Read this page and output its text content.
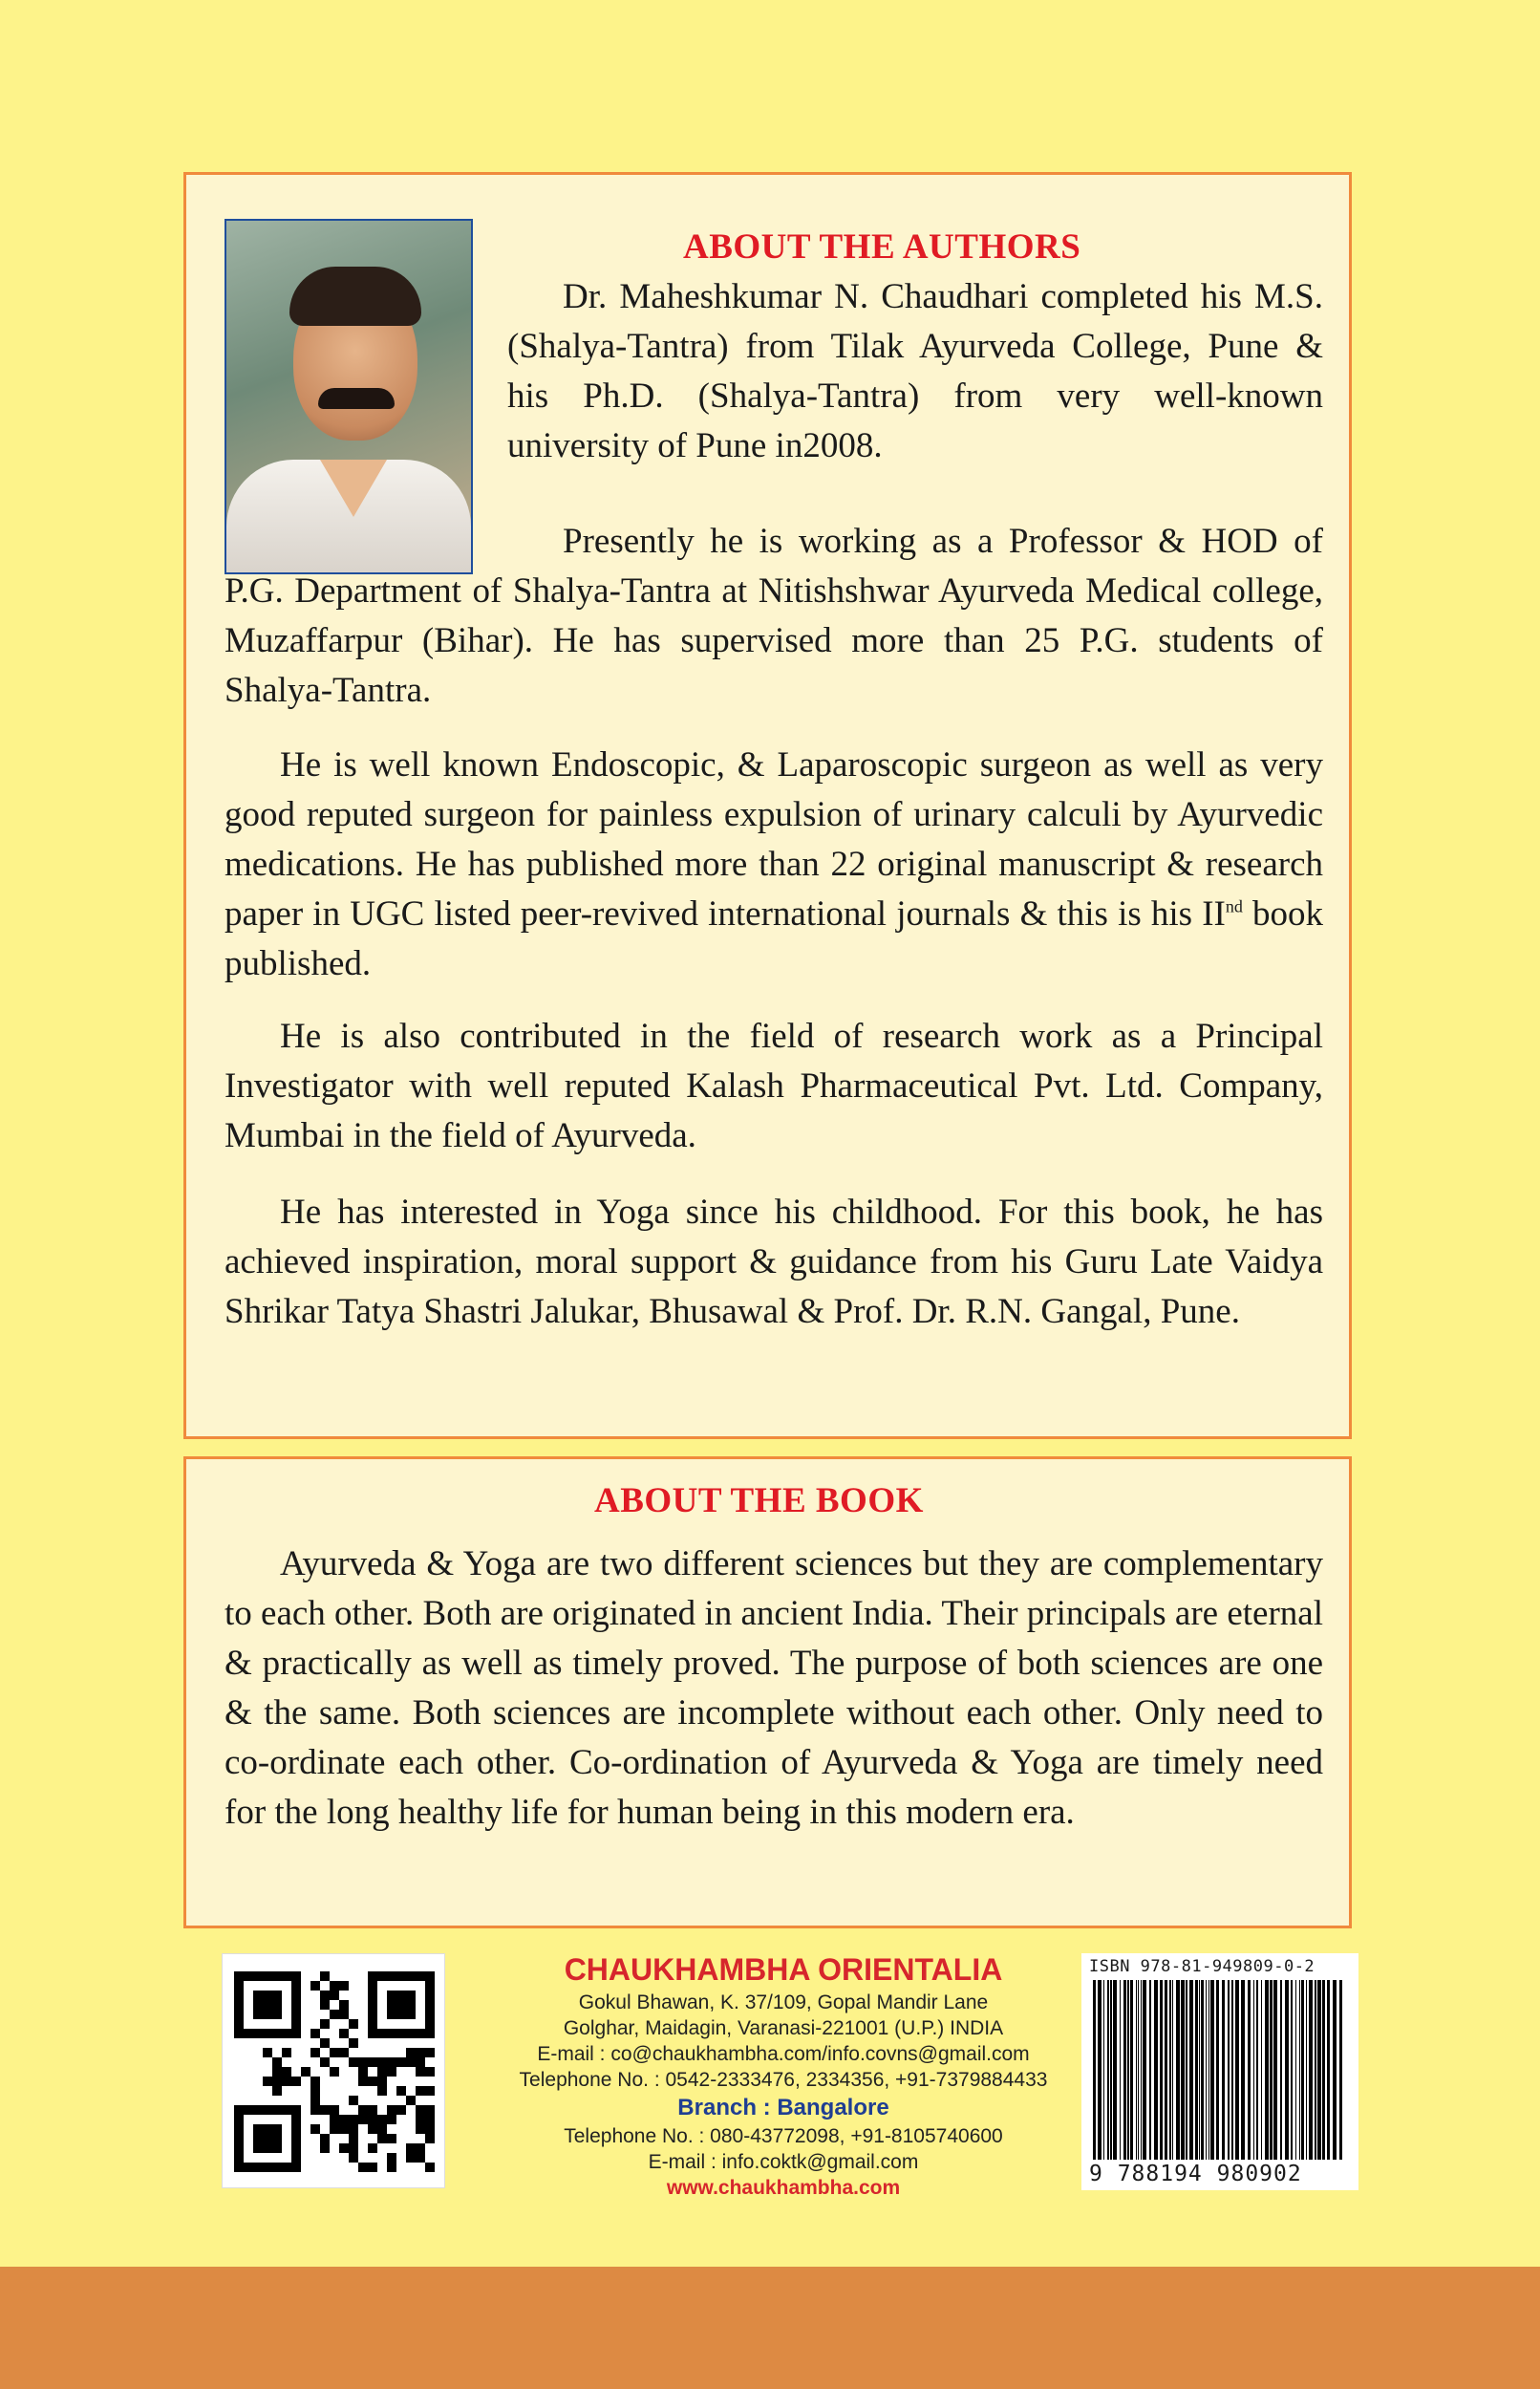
ABOUT THE AUTHORS

Dr. Maheshkumar N. Chaudhari completed his M.S. (Shalya-Tantra) from Tilak Ayurveda College, Pune & his Ph.D. (Shalya-Tantra) from very well-known university of Pune in2008.

Presently he is working as a Professor & HOD of P.G. Department of Shalya-Tantra at Nitishshwar Ayurveda Medical college, Muzaffarpur (Bihar). He has supervised more than 25 P.G. students of Shalya-Tantra.

He is well known Endoscopic, & Laparoscopic surgeon as well as very good reputed surgeon for painless expulsion of urinary calculi by Ayurvedic medications. He has published more than 22 original manuscript & research paper in UGC listed peer-revived international journals & this is his IInd book published.

He is also contributed in the field of research work as a Principal Investigator with well reputed Kalash Pharmaceutical Pvt. Ltd. Company, Mumbai in the field of Ayurveda.

He has interested in Yoga since his childhood. For this book, he has achieved inspiration, moral support & guidance from his Guru Late Vaidya Shrikar Tatya Shastri Jalukar, Bhusawal & Prof. Dr. R.N. Gangal, Pune.

ABOUT THE BOOK

Ayurveda & Yoga are two different sciences but they are complementary to each other. Both are originated in ancient India. Their principals are eternal & practically as well as timely proved. The purpose of both sciences are one & the same. Both sciences are incomplete without each other. Only need to co-ordinate each other. Co-ordination of Ayurveda & Yoga are timely need for the long healthy life for human being in this modern era.

CHAUKHAMBHA ORIENTALIA
Gokul Bhawan, K. 37/109, Gopal Mandir Lane
Golghar, Maidagin, Varanasi-221001 (U.P.) INDIA
E-mail : co@chaukhambha.com/info.covns@gmail.com
Telephone No. : 0542-2333476, 2334356, +91-7379884433
Branch : Bangalore
Telephone No. : 080-43772098, +91-8105740600
E-mail : info.coktk@gmail.com
www.chaukhambha.com
ISBN 978-81-949809-0-2
9 788194 980902
